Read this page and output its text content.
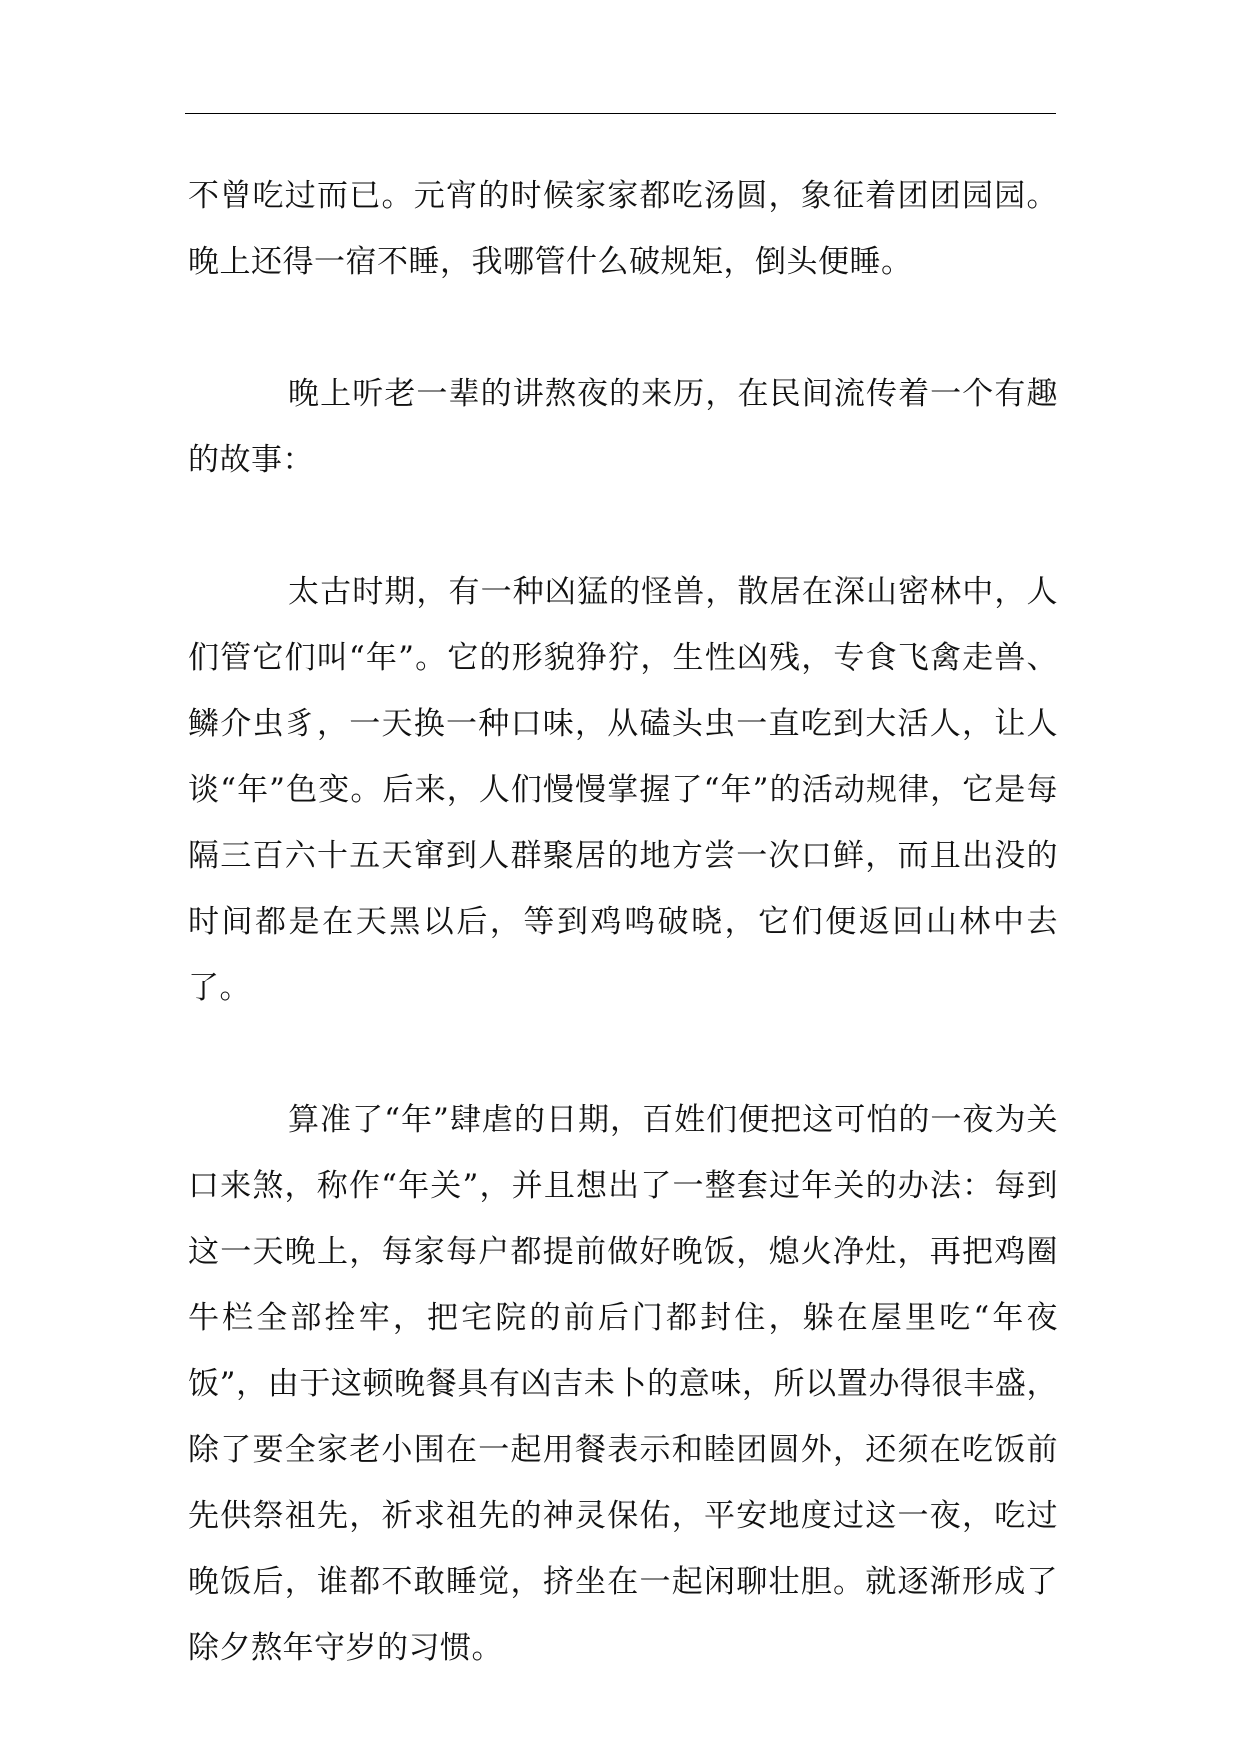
不曾吃过而已。元宵的时候家家都吃汤圆，象征着团团园园。晚上还得一宿不睡，我哪管什么破规矩，倒头便睡。

晚上听老一辈的讲熬夜的来历，在民间流传着一个有趣的故事：

太古时期，有一种凶猛的怪兽，散居在深山密林中，人们管它们叫“年”。它的形貌狰狞，生性凶残，专食飞禽走兽、鳞介虫豸，一天换一种口味，从磕头虫一直吃到大活人，让人谈“年”色变。后来，人们慢慢掌握了“年”的活动规律，它是每隔三百六十五天窜到人群聚居的地方尝一次口鲜，而且出没的时间都是在天黑以后，等到鸡鸣破晓，它们便返回山林中去了。

算准了“年”肆虐的日期，百姓们便把这可怕的一夜为关口来煞，称作“年关”，并且想出了一整套过年关的办法：每到这一天晚上，每家每户都提前做好晚饭，熄火净灶，再把鸡圈牛栏全部拴牢，把宅院的前后门都封住，躲在屋里吃“年夜饭”，由于这顿晚餐具有凶吉未卜的意味，所以置办得很丰盛，除了要全家老小围在一起用餐表示和睦团圆外，还须在吃饭前先供祭祖先，祈求祖先的神灵保佑，平安地度过这一夜，吃过晚饭后，谁都不敢睡觉，挤坐在一起闲聊壮胆。就逐渐形成了除夕熬年守岁的习惯。
